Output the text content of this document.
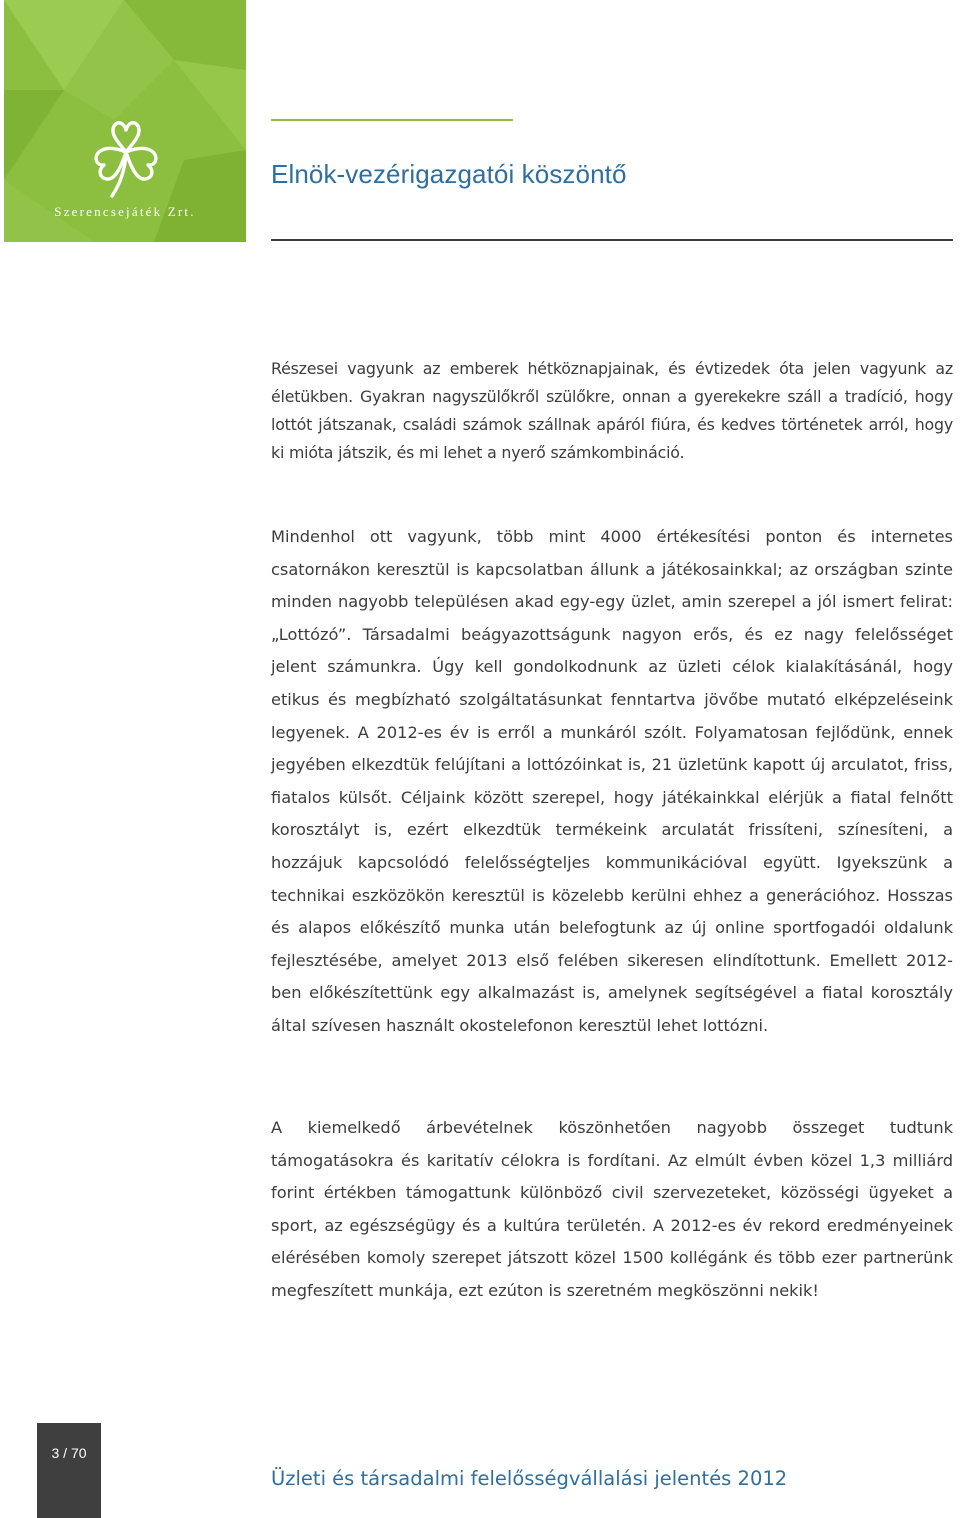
Szerencsejáték Zrt.
Elnök-vezérigazgatói köszöntő

Részesei vagyunk az emberek hétköznapjainak, és évtizedek óta jelen vagyunk az életükben. Gyakran nagyszülőkről szülőkre, onnan a gyerekekre száll a tradíció, hogy lottót játszanak, családi számok szállnak apáról fiúra, és kedves történetek arról, hogy ki mióta játszik, és mi lehet a nyerő számkombináció.

Mindenhol ott vagyunk, több mint 4000 értékesítési ponton és internetes csatornákon keresztül is kapcsolatban állunk a játékosainkkal; az országban szinte minden nagyobb településen akad egy-egy üzlet, amin szerepel a jól ismert felirat: „Lottózó”. Társadalmi beágyazottságunk nagyon erős, és ez nagy felelősséget jelent számunkra. Úgy kell gondolkodnunk az üzleti célok kialakításánál, hogy etikus és megbízható szolgáltatásunkat fenntartva jövőbe mutató elképzeléseink legyenek. A 2012-es év is erről a munkáról szólt. Folyamatosan fejlődünk, ennek jegyében elkezdtük felújítani a lottózóinkat is, 21 üzletünk kapott új arculatot, friss, fiatalos külsőt. Céljaink között szerepel, hogy játékainkkal elérjük a fiatal felnőtt korosztályt is, ezért elkezdtük termékeink arculatát frissíteni, színesíteni, a hozzájuk kapcsolódó felelősségteljes kommunikációval együtt. Igyekszünk a technikai eszközökön keresztül is közelebb kerülni ehhez a generációhoz. Hosszas és alapos előkészítő munka után belefogtunk az új online sportfogadói oldalunk fejlesztésébe, amelyet 2013 első felében sikeresen elindítottunk. Emellett 2012-ben előkészítettünk egy alkalmazást is, amelynek segítségével a fiatal korosztály által szívesen használt okostelefonon keresztül lehet lottózni.

A kiemelkedő árbevételnek köszönhetően nagyobb összeget tudtunk támogatásokra és karitatív célokra is fordítani. Az elmúlt évben közel 1,3 milliárd forint értékben támogattunk különböző civil szervezeteket, közösségi ügyeket a sport, az egészségügy és a kultúra területén. A 2012-es év rekord eredményeinek elérésében komoly szerepet játszott közel 1500 kollégánk és több ezer partnerünk megfeszített munkája, ezt ezúton is szeretném megköszönni nekik!

3 / 70
Üzleti és társadalmi felelősségvállalási jelentés 2012
